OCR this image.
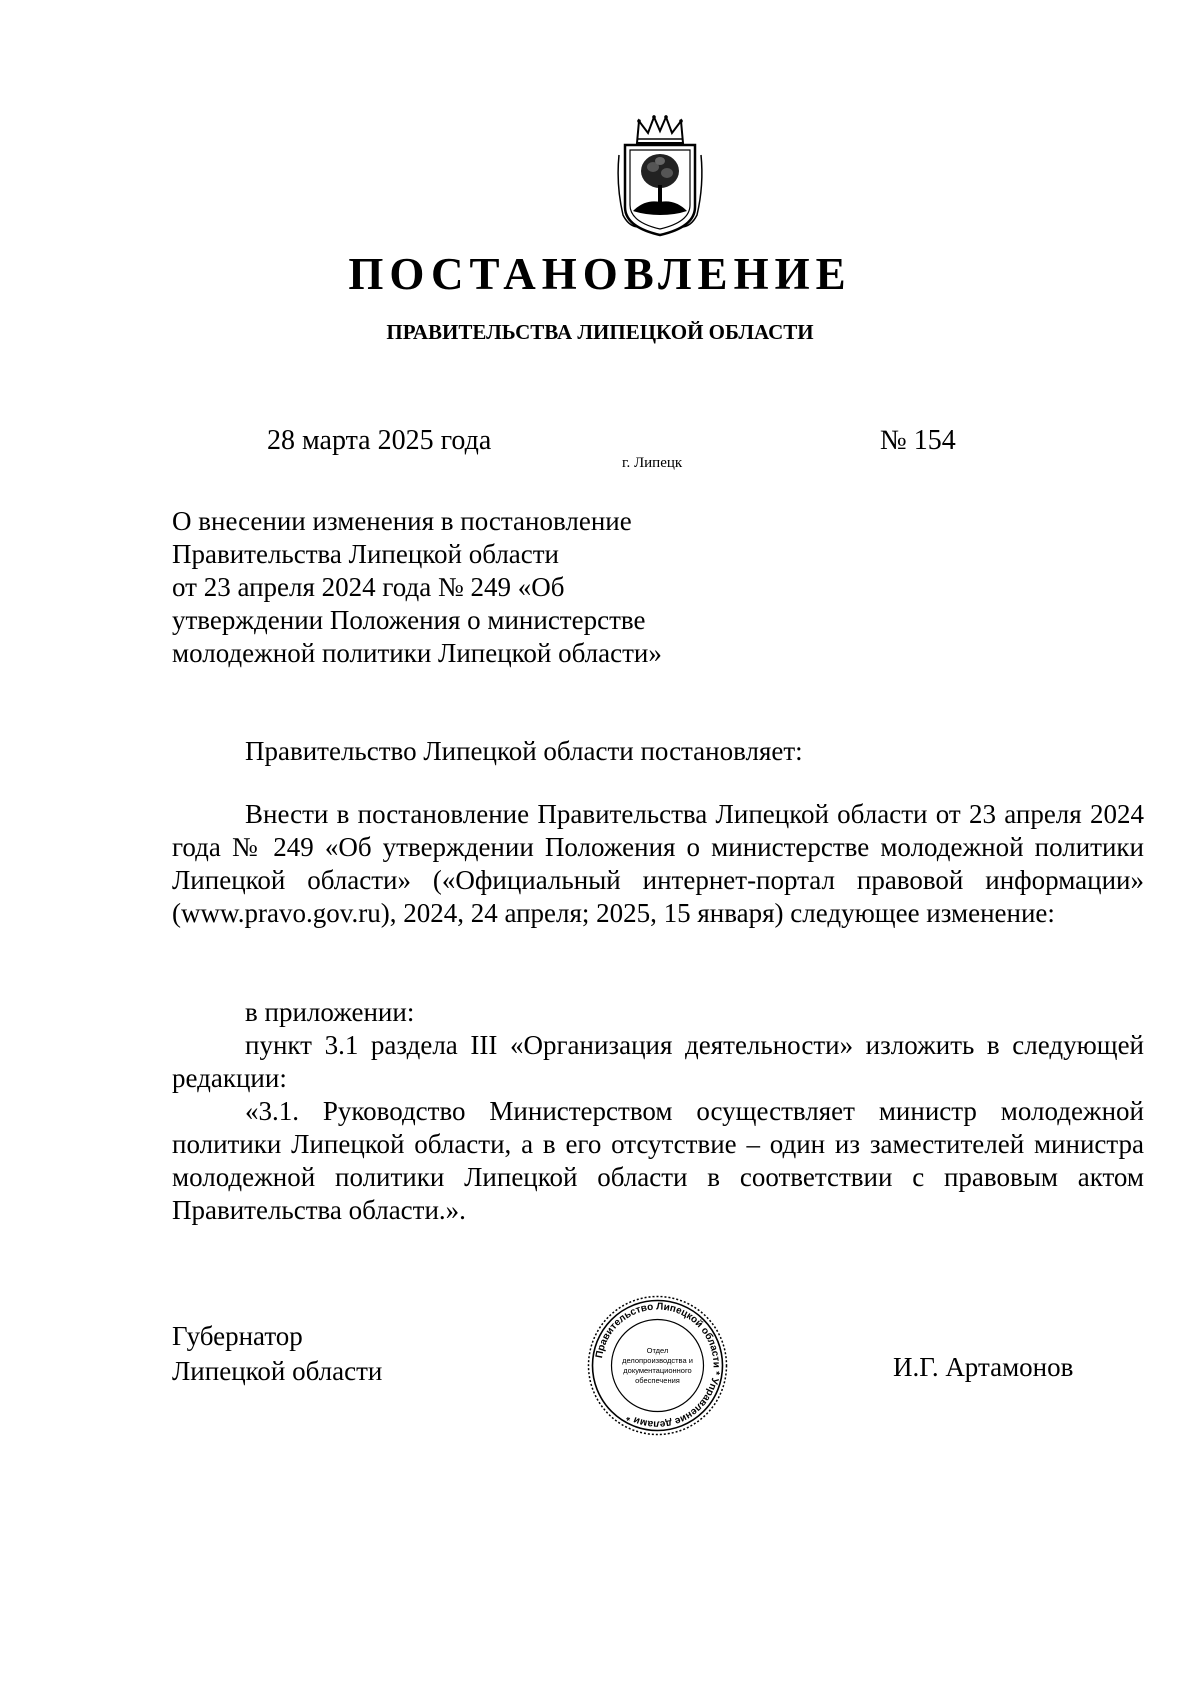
ПОСТАНОВЛЕНИЕ
ПРАВИТЕЛЬСТВА ЛИПЕЦКОЙ ОБЛАСТИ
28 марта 2025 года
г. Липецк
№ 154
О внесении изменения в постановление
Правительства Липецкой области
от 23 апреля 2024 года № 249 «Об
утверждении Положения о министерстве
молодежной политики Липецкой области»
Правительство Липецкой области постановляет:
Внести в постановление Правительства Липецкой области от 23 апреля 2024 года № 249 «Об утверждении Положения о министерстве молодежной политики Липецкой области» («Официальный интернет-портал правовой информации» (www.pravo.gov.ru), 2024, 24 апреля; 2025, 15 января) следующее изменение:
в приложении:
пункт 3.1 раздела III «Организация деятельности» изложить в следующей редакции:
«3.1. Руководство Министерством осуществляет министр молодежной политики Липецкой области, а в его отсутствие – один из заместителей министра молодежной политики Липецкой области в соответствии с правовым актом Правительства области.».
Губернатор
Липецкой области
Правительство Липецкой области * Управление делами *
Отдел
делопроизводства и
документационного
обеспечения	И.Г. Артамонов
